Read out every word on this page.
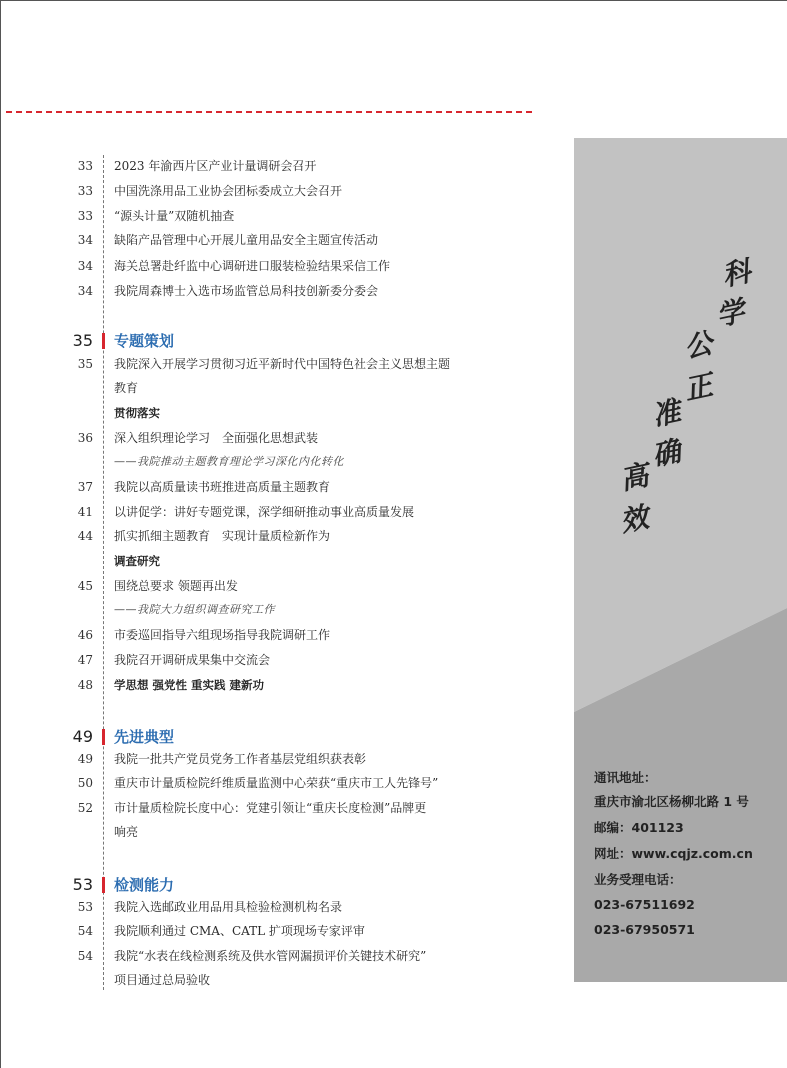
33 2023 年渝西片区产业计量调研会召开
33 中国洗涤用品工业协会团标委成立大会召开
33 “源头计量”双随机抽查
34 缺陷产品管理中心开展儿童用品安全主题宣传活动
34 海关总署赴纤监中心调研进口服装检验结果采信工作
34 我院周森博士入选市场监管总局科技创新委分委会
35 专题策划
35 我院深入开展学习贯彻习近平新时代中国特色社会主义思想主题
教育
贯彻落实
36 深入组织理论学习　全面强化思想武装
——我院推动主题教育理论学习深化内化转化
37 我院以高质量读书班推进高质量主题教育
41 以讲促学：讲好专题党课，深学细研推动事业高质量发展
44 抓实抓细主题教育　实现计量质检新作为
调查研究
45 围绕总要求 领题再出发
——我院大力组织调查研究工作
46 市委巡回指导六组现场指导我院调研工作
47 我院召开调研成果集中交流会
48 学思想 强党性 重实践 建新功
49 先进典型
49 我院一批共产党员党务工作者基层党组织获表彰
50 重庆市计量质检院纤维质量监测中心荣获“重庆市工人先锋号”
52 市计量质检院长度中心：党建引领让“重庆长度检测”品牌更
响亮
53 检测能力
53 我院入选邮政业用品用具检验检测机构名录
54 我院顺利通过 CMA、CATL 扩项现场专家评审
54 我院“水表在线检测系统及供水管网漏损评价关键技术研究”
项目通过总局验收
科
学
公
正
准
确
高
效
通讯地址：
重庆市渝北区杨柳北路 1 号
邮编：401123
网址：www.cqjz.com.cn
业务受理电话：
023-67511692
023-67950571
